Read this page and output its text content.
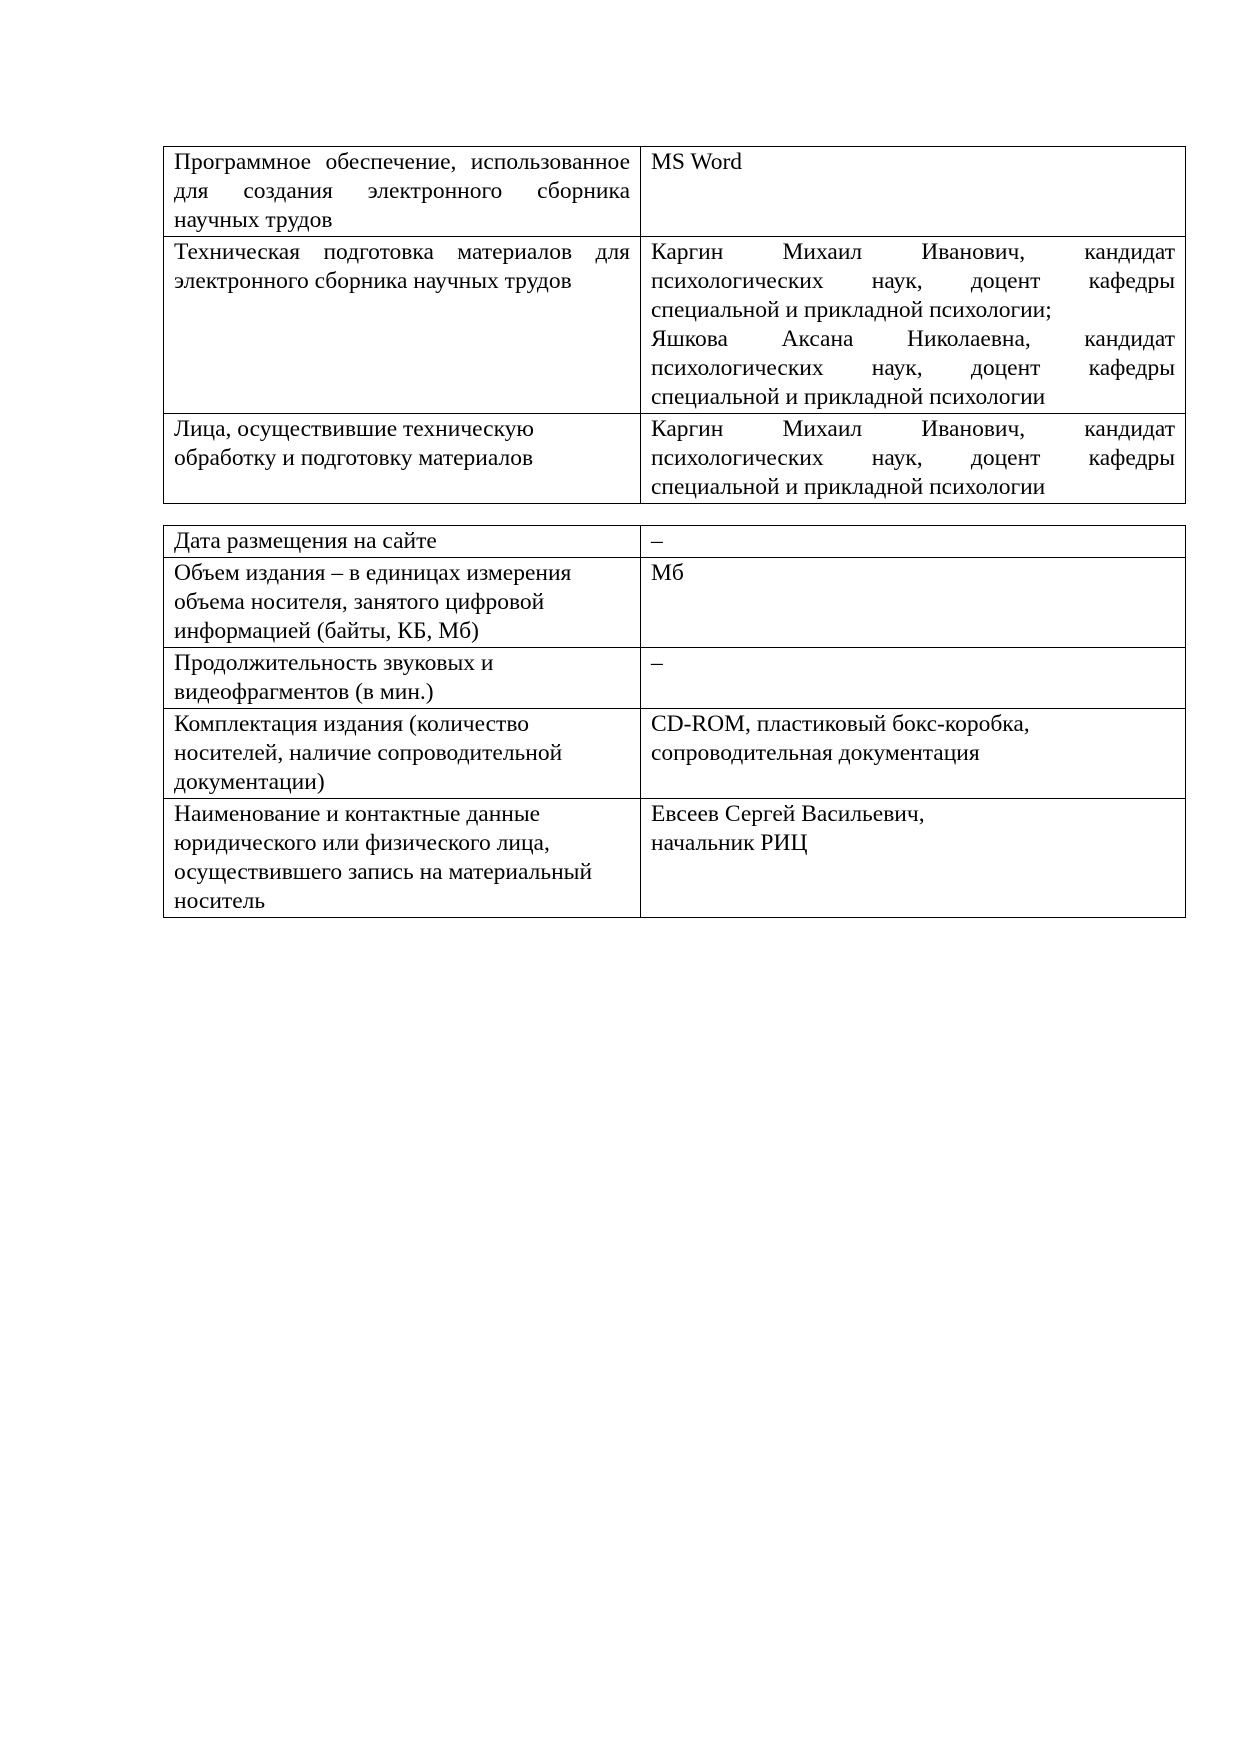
Программное обеспечение, использованное для создания электронного сборника научных трудов	MS Word

Техническая подготовка материалов для электронного сборника научных трудов	Каргин Михаил Иванович, кандидат психологических наук, доцент кафедры специальной и прикладной психологии;
Яшкова Аксана Николаевна, кандидат психологических наук, доцент кафедры специальной и прикладной психологии

Лица, осуществившие техническую обработку и подготовку материалов	Каргин Михаил Иванович, кандидат психологических наук, доцент кафедры специальной и прикладной психологии
Дата размещения на сайте	–

Объем издания – в единицах измерения объема носителя, занятого цифровой информацией (байты, КБ, Мб)	Мб

Продолжительность звуковых и видеофрагментов (в мин.)	–

Комплектация издания (количество носителей, наличие сопроводительной документации)	CD-ROM, пластиковый бокс-коробка, сопроводительная документация

Наименование и контактные данные юридического или физического лица, осуществившего запись на материальный носитель	Евсеев Сергей Васильевич,
начальник РИЦ
